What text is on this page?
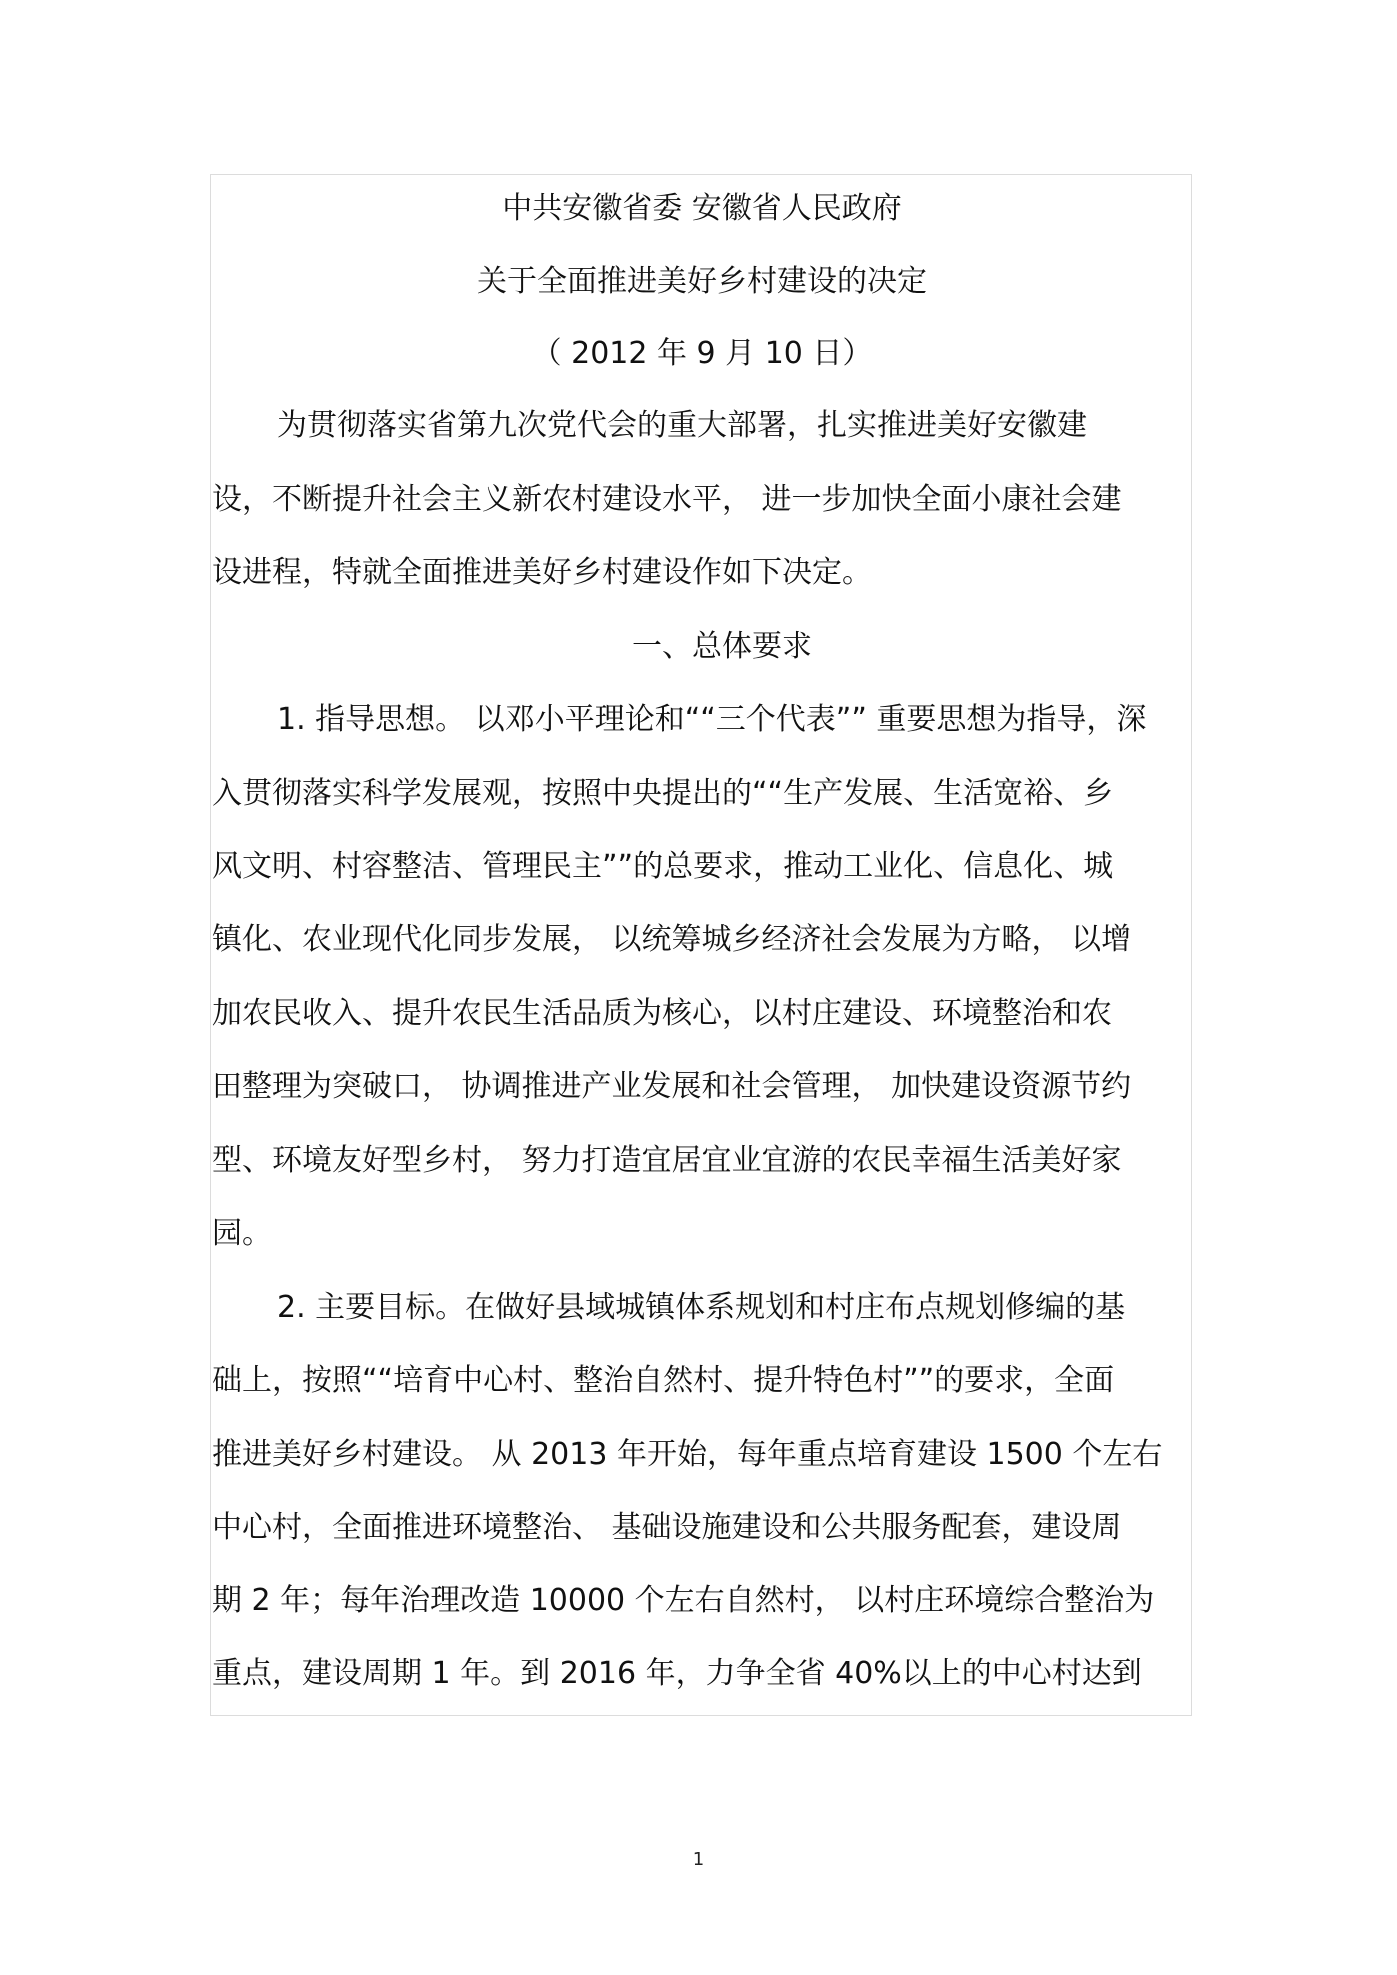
中共安徽省委 安徽省人民政府
关于全面推进美好乡村建设的决定
（ 2012 年 9 月 10 日）
为贯彻落实省第九次党代会的重大部署，扎实推进美好安徽建
设，不断提升社会主义新农村建设水平， 进一步加快全面小康社会建
设进程，特就全面推进美好乡村建设作如下决定。
一、总体要求
1. 指导思想。 以邓小平理论和““三个代表”” 重要思想为指导，深
入贯彻落实科学发展观，按照中央提出的““生产发展、生活宽裕、乡
风文明、村容整洁、管理民主””的总要求，推动工业化、信息化、城
镇化、农业现代化同步发展， 以统筹城乡经济社会发展为方略， 以增
加农民收入、提升农民生活品质为核心，以村庄建设、环境整治和农
田整理为突破口， 协调推进产业发展和社会管理， 加快建设资源节约
型、环境友好型乡村， 努力打造宜居宜业宜游的农民幸福生活美好家
园。
2. 主要目标。在做好县域城镇体系规划和村庄布点规划修编的基
础上，按照““培育中心村、整治自然村、提升特色村””的要求，全面
推进美好乡村建设。 从 2013 年开始，每年重点培育建设 1500 个左右
中心村，全面推进环境整治、 基础设施建设和公共服务配套，建设周
期 2 年；每年治理改造 10000 个左右自然村， 以村庄环境综合整治为
重点，建设周期 1 年。到 2016 年，力争全省 40%以上的中心村达到
1
